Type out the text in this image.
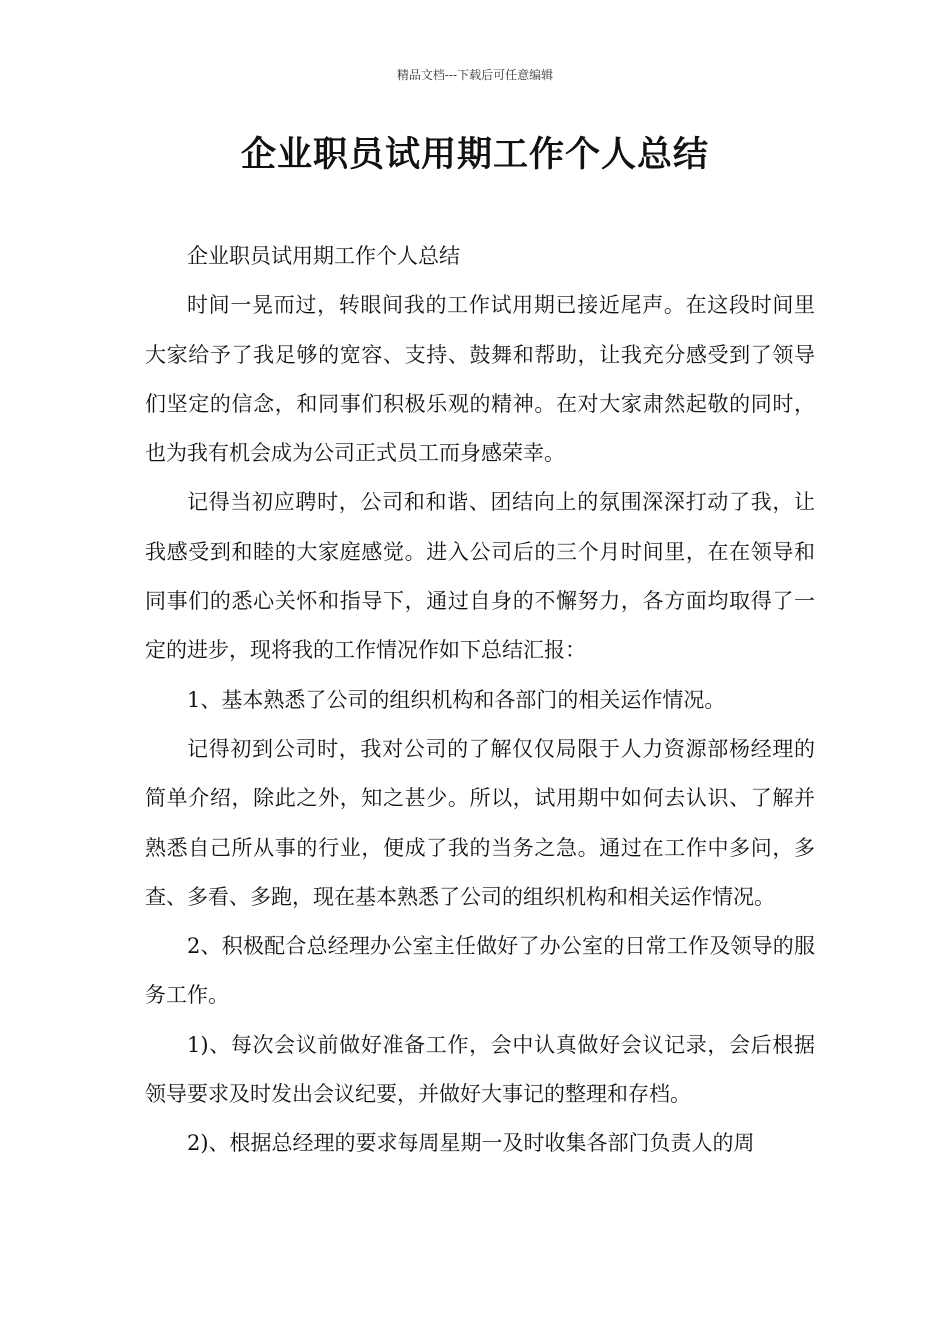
精品文档---下载后可任意编辑
企业职员试用期工作个人总结

企业职员试用期工作个人总结

时间一晃而过，转眼间我的工作试用期已接近尾声。在这段时间里大家给予了我足够的宽容、支持、鼓舞和帮助，让我充分感受到了领导们坚定的信念，和同事们积极乐观的精神。在对大家肃然起敬的同时，也为我有机会成为公司正式员工而身感荣幸。

记得当初应聘时，公司和和谐、团结向上的氛围深深打动了我，让我感受到和睦的大家庭感觉。进入公司后的三个月时间里，在在领导和同事们的悉心关怀和指导下，通过自身的不懈努力，各方面均取得了一定的进步，现将我的工作情况作如下总结汇报：

1、基本熟悉了公司的组织机构和各部门的相关运作情况。

记得初到公司时，我对公司的了解仅仅局限于人力资源部杨经理的简单介绍，除此之外，知之甚少。所以，试用期中如何去认识、了解并熟悉自己所从事的行业，便成了我的当务之急。通过在工作中多问，多查、多看、多跑，现在基本熟悉了公司的组织机构和相关运作情况。

2、积极配合总经理办公室主任做好了办公室的日常工作及领导的服务工作。

1)、每次会议前做好准备工作，会中认真做好会议记录，会后根据领导要求及时发出会议纪要，并做好大事记的整理和存档。

2)、根据总经理的要求每周星期一及时收集各部门负责人的周
